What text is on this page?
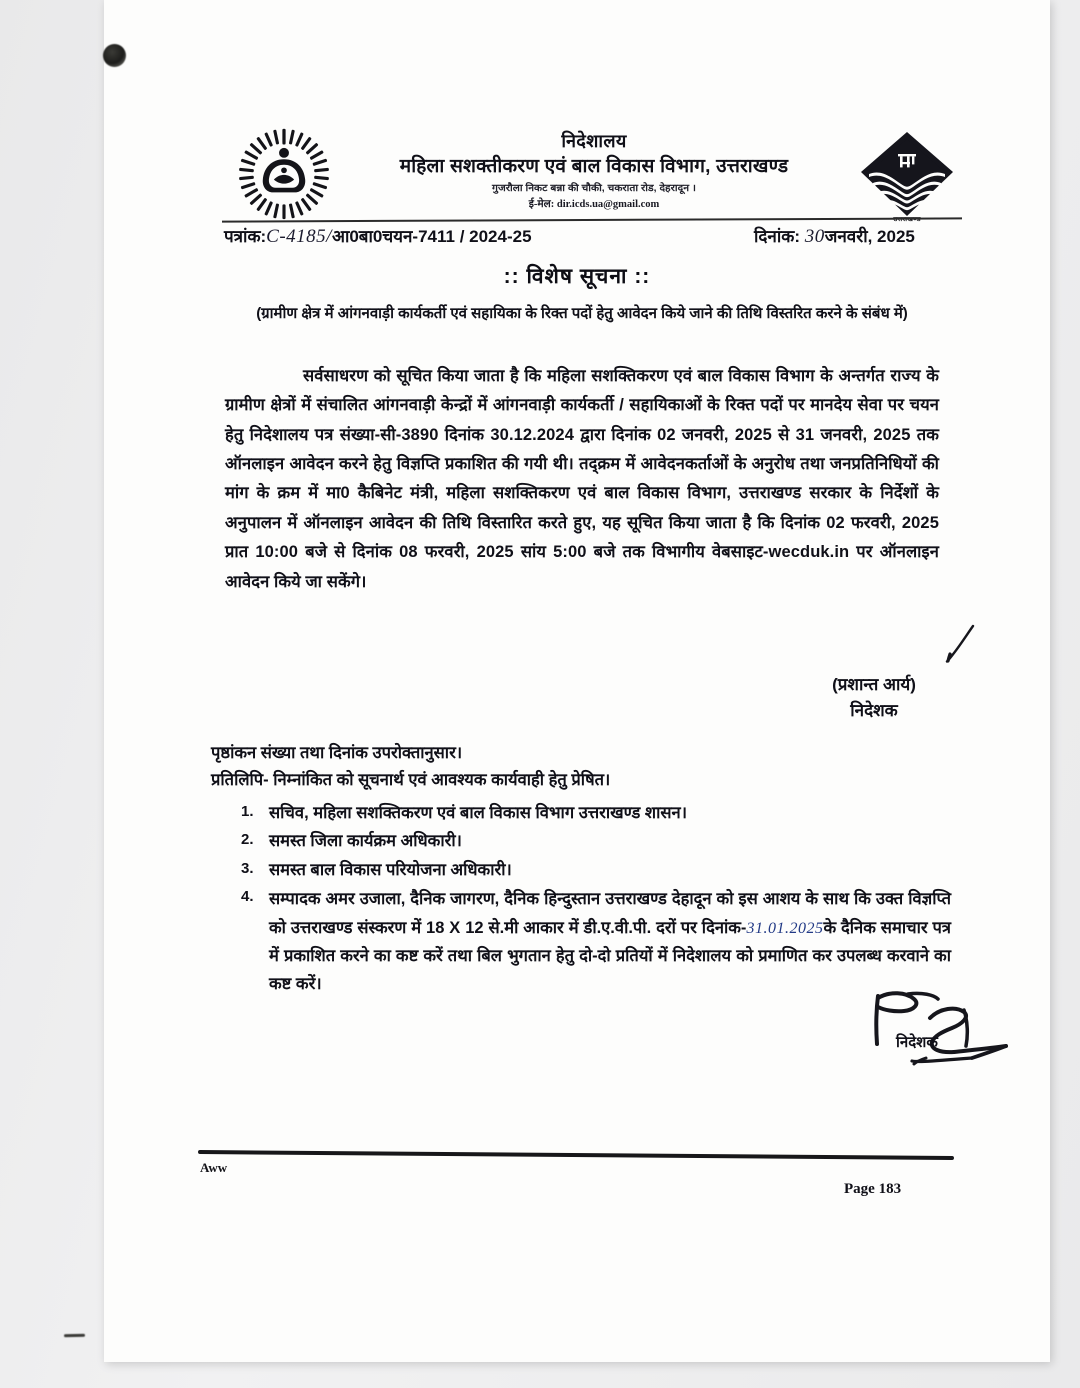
निदेशालय
महिला सशक्तीकरण एवं बाल विकास विभाग, उत्तराखण्ड
गुजरौला निकट बन्ना की चौकी, चकराता रोड, देहरादून ।
ई-मेल: dir.icds.ua@gmail.com
पत्रांक:C-4185/आ0बा0चयन-7411 / 2024-25	दिनांक: 30जनवरी, 2025
:: विशेष सूचना ::
(ग्रामीण क्षेत्र में आंगनवाड़ी कार्यकर्ती एवं सहायिका के रिक्त पदों हेतु आवेदन किये जाने की तिथि विस्तरित करने के संबंध में)
सर्वसाधरण को सूचित किया जाता है कि महिला सशक्तिकरण एवं बाल विकास विभाग के अन्तर्गत राज्य के ग्रामीण क्षेत्रों में संचालित आंगनवाड़ी केन्द्रों में आंगनवाड़ी कार्यकर्ती / सहायिकाओं के रिक्त पदों पर मानदेय सेवा पर चयन हेतु निदेशालय पत्र संख्या-सी-3890 दिनांक 30.12.2024 द्वारा दिनांक 02 जनवरी, 2025 से 31 जनवरी, 2025 तक ऑनलाइन आवेदन करने हेतु विज्ञप्ति प्रकाशित की गयी थी। तद्क्रम में आवेदनकर्ताओं के अनुरोध तथा जनप्रतिनिधियों की मांग के क्रम में मा0 कैबिनेट मंत्री, महिला सशक्तिकरण एवं बाल विकास विभाग, उत्तराखण्ड सरकार के निर्देशों के अनुपालन में ऑनलाइन आवेदन की तिथि विस्तारित करते हुए, यह सूचित किया जाता है कि दिनांक 02 फरवरी, 2025 प्रात 10:00 बजे से दिनांक 08 फरवरी, 2025 सांय 5:00 बजे तक विभागीय वेबसाइट-wecduk.in पर ऑनलाइन आवेदन किये जा सकेंगे।
(प्रशान्त आर्य)
निदेशक
पृष्ठांकन संख्या तथा दिनांक उपरोक्तानुसार।
प्रतिलिपि- निम्नांकित को सूचनार्थ एवं आवश्यक कार्यवाही हेतु प्रेषित।
1. सचिव, महिला सशक्तिकरण एवं बाल विकास विभाग उत्तराखण्ड शासन।
2. समस्त जिला कार्यक्रम अधिकारी।
3. समस्त बाल विकास परियोजना अधिकारी।
4. सम्पादक अमर उजाला, दैनिक जागरण, दैनिक हिन्दुस्तान उत्तराखण्ड देहादून को इस आशय के साथ कि उक्त विज्ञप्ति को उत्तराखण्ड संस्करण में 18 X 12 से.मी आकार में डी.ए.वी.पी. दरों पर दिनांक-31.01.2025के दैनिक समाचार पत्र में प्रकाशित करने का कष्ट करें तथा बिल भुगतान हेतु दो-दो प्रतियों में निदेशालय को प्रमाणित कर उपलब्ध करवाने का कष्ट करें।
निदेशक
Aww
Page 183
